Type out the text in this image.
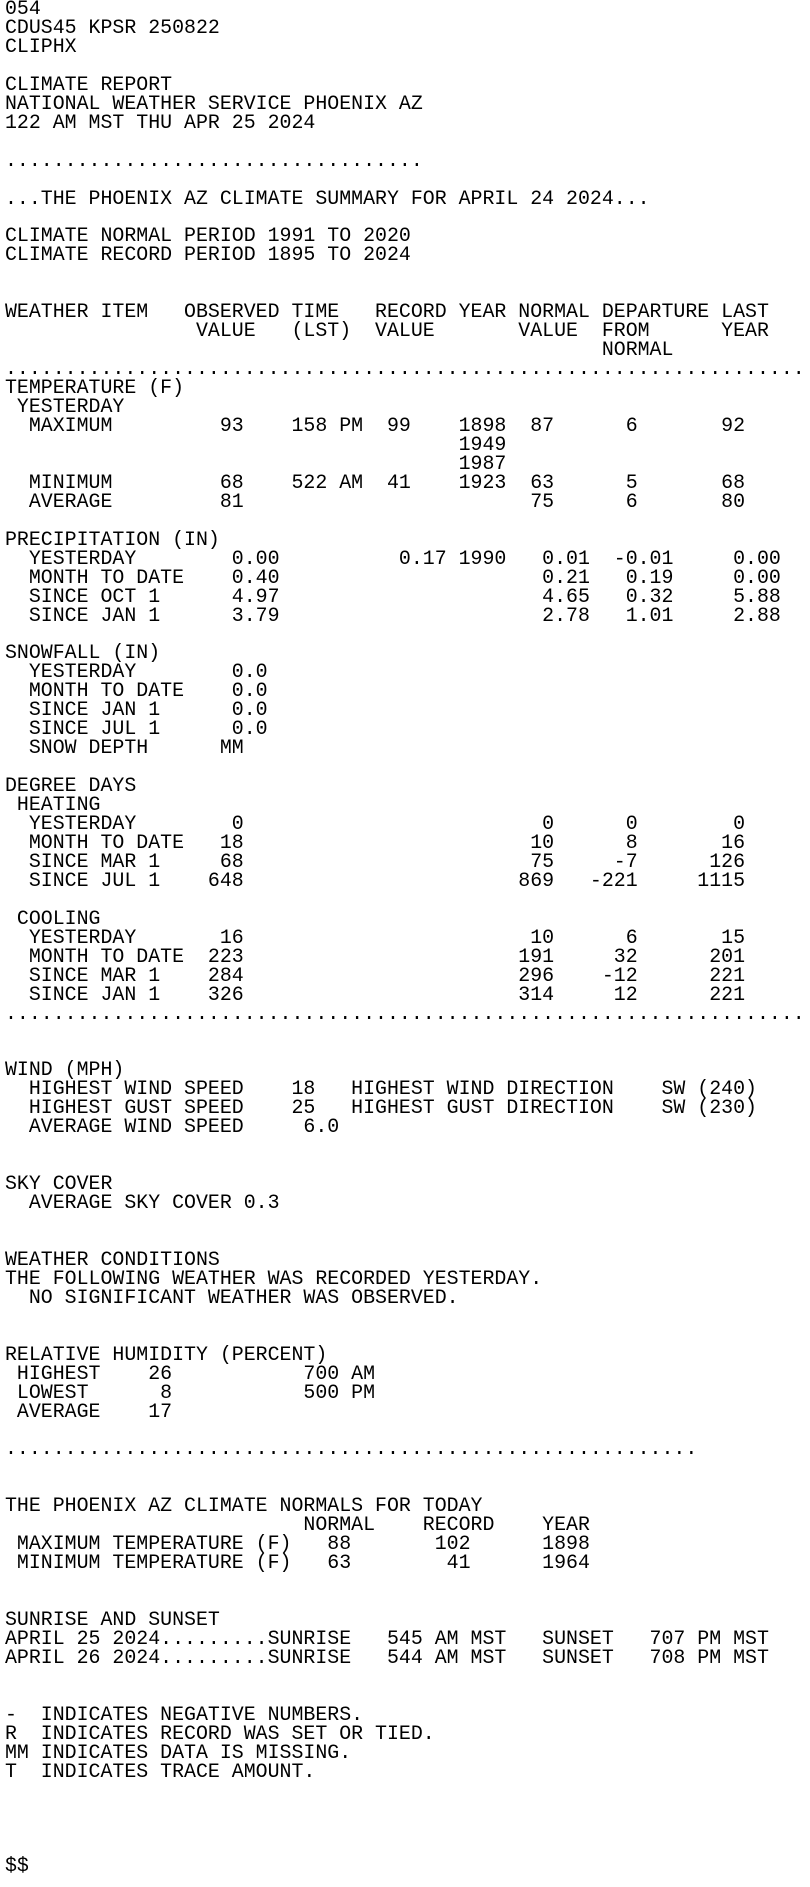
054
CDUS45 KPSR 250822
CLIPHX

CLIMATE REPORT
NATIONAL WEATHER SERVICE PHOENIX AZ
122 AM MST THU APR 25 2024

...................................

...THE PHOENIX AZ CLIMATE SUMMARY FOR APRIL 24 2024...

CLIMATE NORMAL PERIOD 1991 TO 2020
CLIMATE RECORD PERIOD 1895 TO 2024

WEATHER ITEM   OBSERVED TIME   RECORD YEAR NORMAL DEPARTURE LAST
VALUE   (LST)  VALUE       VALUE  FROM      YEAR
NORMAL
...................................................................
TEMPERATURE (F)
YESTERDAY
MAXIMUM         93    158 PM  99    1898  87      6       92
1949
1987
MINIMUM         68    522 AM  41    1923  63      5       68
AVERAGE         81                        75      6       80

PRECIPITATION (IN)
YESTERDAY        0.00          0.17 1990   0.01  -0.01     0.00
MONTH TO DATE    0.40                      0.21   0.19     0.00
SINCE OCT 1      4.97                      4.65   0.32     5.88
SINCE JAN 1      3.79                      2.78   1.01     2.88

SNOWFALL (IN)
YESTERDAY        0.0
MONTH TO DATE    0.0
SINCE JAN 1      0.0
SINCE JUL 1      0.0
SNOW DEPTH      MM

DEGREE DAYS
HEATING
YESTERDAY        0                         0      0        0
MONTH TO DATE   18                        10      8       16
SINCE MAR 1     68                        75     -7      126
SINCE JUL 1    648                       869   -221     1115

COOLING
YESTERDAY       16                        10      6       15
MONTH TO DATE  223                       191     32      201
SINCE MAR 1    284                       296    -12      221
SINCE JAN 1    326                       314     12      221
...................................................................

WIND (MPH)
HIGHEST WIND SPEED    18   HIGHEST WIND DIRECTION    SW (240)
HIGHEST GUST SPEED    25   HIGHEST GUST DIRECTION    SW (230)
AVERAGE WIND SPEED     6.0

SKY COVER
AVERAGE SKY COVER 0.3

WEATHER CONDITIONS
THE FOLLOWING WEATHER WAS RECORDED YESTERDAY.
NO SIGNIFICANT WEATHER WAS OBSERVED.

RELATIVE HUMIDITY (PERCENT)
HIGHEST    26           700 AM
LOWEST      8           500 PM
AVERAGE    17

..........................................................

THE PHOENIX AZ CLIMATE NORMALS FOR TODAY
NORMAL    RECORD    YEAR
MAXIMUM TEMPERATURE (F)   88       102      1898
MINIMUM TEMPERATURE (F)   63        41      1964

SUNRISE AND SUNSET
APRIL 25 2024.........SUNRISE   545 AM MST   SUNSET   707 PM MST
APRIL 26 2024.........SUNRISE   544 AM MST   SUNSET   708 PM MST

-  INDICATES NEGATIVE NUMBERS.
R  INDICATES RECORD WAS SET OR TIED.
MM INDICATES DATA IS MISSING.
T  INDICATES TRACE AMOUNT.

$$
